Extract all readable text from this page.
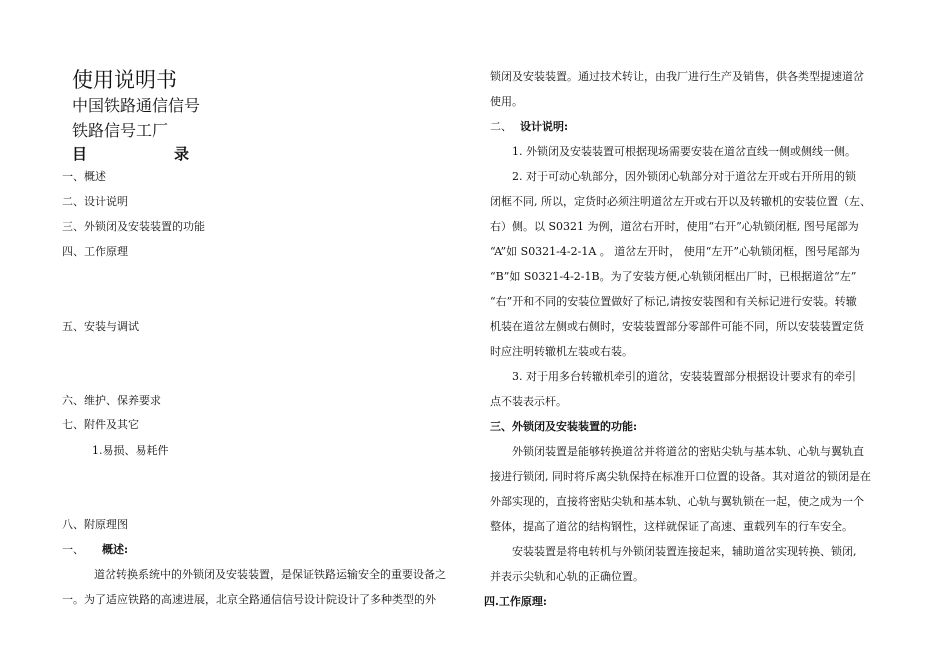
使用说明书
中国铁路通信信号
铁路信号工厂
目	录
一、概述
二、设计说明
三、外锁闭及安装装置的功能
四、工作原理
五、安装与调试
六、维护、保养要求
七、附件及其它
1.易损、易耗件
八、附原理图
一、 概述:
道岔转换系统中的外锁闭及安装装置，是保证铁路运输安全的重要设备之
一。为了适应铁路的高速进展，北京全路通信信号设计院设计了多种类型的外
锁闭及安装装置。通过技术转让，由我厂进行生产及销售，供各类型提速道岔
使用。
二、 设计说明:
1. 外锁闭及安装装置可根据现场需要安装在道岔直线一侧或侧线一侧。
2. 对于可动心轨部分，因外锁闭心轨部分对于道岔左开或右开所用的锁
闭框不同, 所以，定货时必须注明道岔左开或右开以及转辙机的安装位置（左、
右）侧。以 S0321 为例，道岔右开时，使用“右开”心轨锁闭框, 图号尾部为
“A”如 S0321-4-2-1A 。 道岔左开时， 使用“左开”心轨锁闭框，图号尾部为
“B”如 S0321-4-2-1B。为了安装方便,心轨锁闭框出厂时，已根据道岔“左”
“右”开和不同的安装位置做好了标记,请按安装图和有关标记进行安装。转辙
机装在道岔左侧或右侧时，安装装置部分零部件可能不同，所以安装装置定货
时应注明转辙机左装或右装。
3. 对于用多台转辙机牵引的道岔，安装装置部分根据设计要求有的牵引
点不装表示杆。
三、外锁闭及安装装置的功能:
外锁闭装置是能够转换道岔并将道岔的密贴尖轨与基本轨、心轨与翼轨直
接进行锁闭, 同时将斥离尖轨保持在标准开口位置的设备。其对道岔的锁闭是在
外部实现的，直接将密贴尖轨和基本轨、心轨与翼轨锁在一起，使之成为一个
整体，提高了道岔的结构钢性，这样就保证了高速、重载列车的行车安全。
安装装置是将电转机与外锁闭装置连接起来，辅助道岔实现转换、锁闭,
并表示尖轨和心轨的正确位置。
四.工作原理:
